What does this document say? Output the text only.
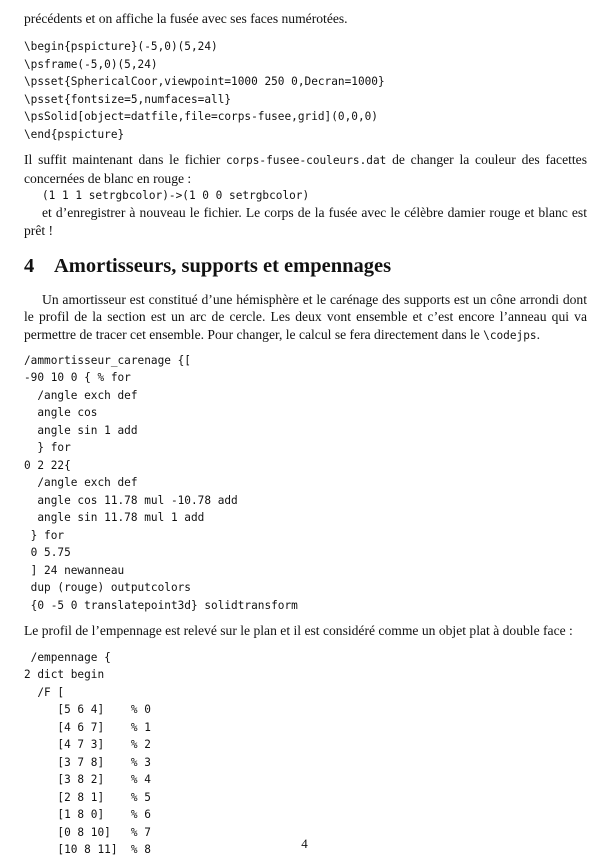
précédents et on affiche la fusée avec ses faces numérotées.

\begin{pspicture}(-5,0)(5,24)
\psframe(-5,0)(5,24)
\psset{SphericalCoor,viewpoint=1000 250 0,Decran=1000}
\psset{fontsize=5,numfaces=all}
\psSolid[object=datfile,file=corps-fusee,grid](0,0,0)
\end{pspicture}

Il suffit maintenant dans le fichier corps-fusee-couleurs.dat de changer la couleur des facettes concernées de blanc en rouge :

(1 1 1 setrgbcolor)->(1 0 0 setrgbcolor)

et d’enregistrer à nouveau le fichier. Le corps de la fusée avec le célèbre damier rouge et blanc est prêt !

4 Amortisseurs, supports et empennages

Un amortisseur est constitué d’une hémisphère et le carénage des supports est un cône arrondi dont le profil de la section est un arc de cercle. Les deux vont ensemble et c’est encore l’anneau qui va permettre de tracer cet ensemble. Pour changer, le calcul se fera directement dans le \codejps.

/ammortisseur_carenage {[
-90 10 0 { % for
/angle exch def
angle cos
angle sin 1 add
} for
0 2 22{
/angle exch def
angle cos 11.78 mul -10.78 add
angle sin 11.78 mul 1 add
} for
0 5.75
] 24 newanneau
dup (rouge) outputcolors
{0 -5 0 translatepoint3d} solidtransform

Le profil de l’empennage est relevé sur le plan et il est considéré comme un objet plat à double face :

/empennage {
2 dict begin
/F [
[5 6 4]    % 0
[4 6 7]    % 1
[4 7 3]    % 2
[3 7 8]    % 3
[3 8 2]    % 4
[2 8 1]    % 5
[1 8 0]    % 6
[0 8 10]   % 7
[10 8 11]  % 8	4
